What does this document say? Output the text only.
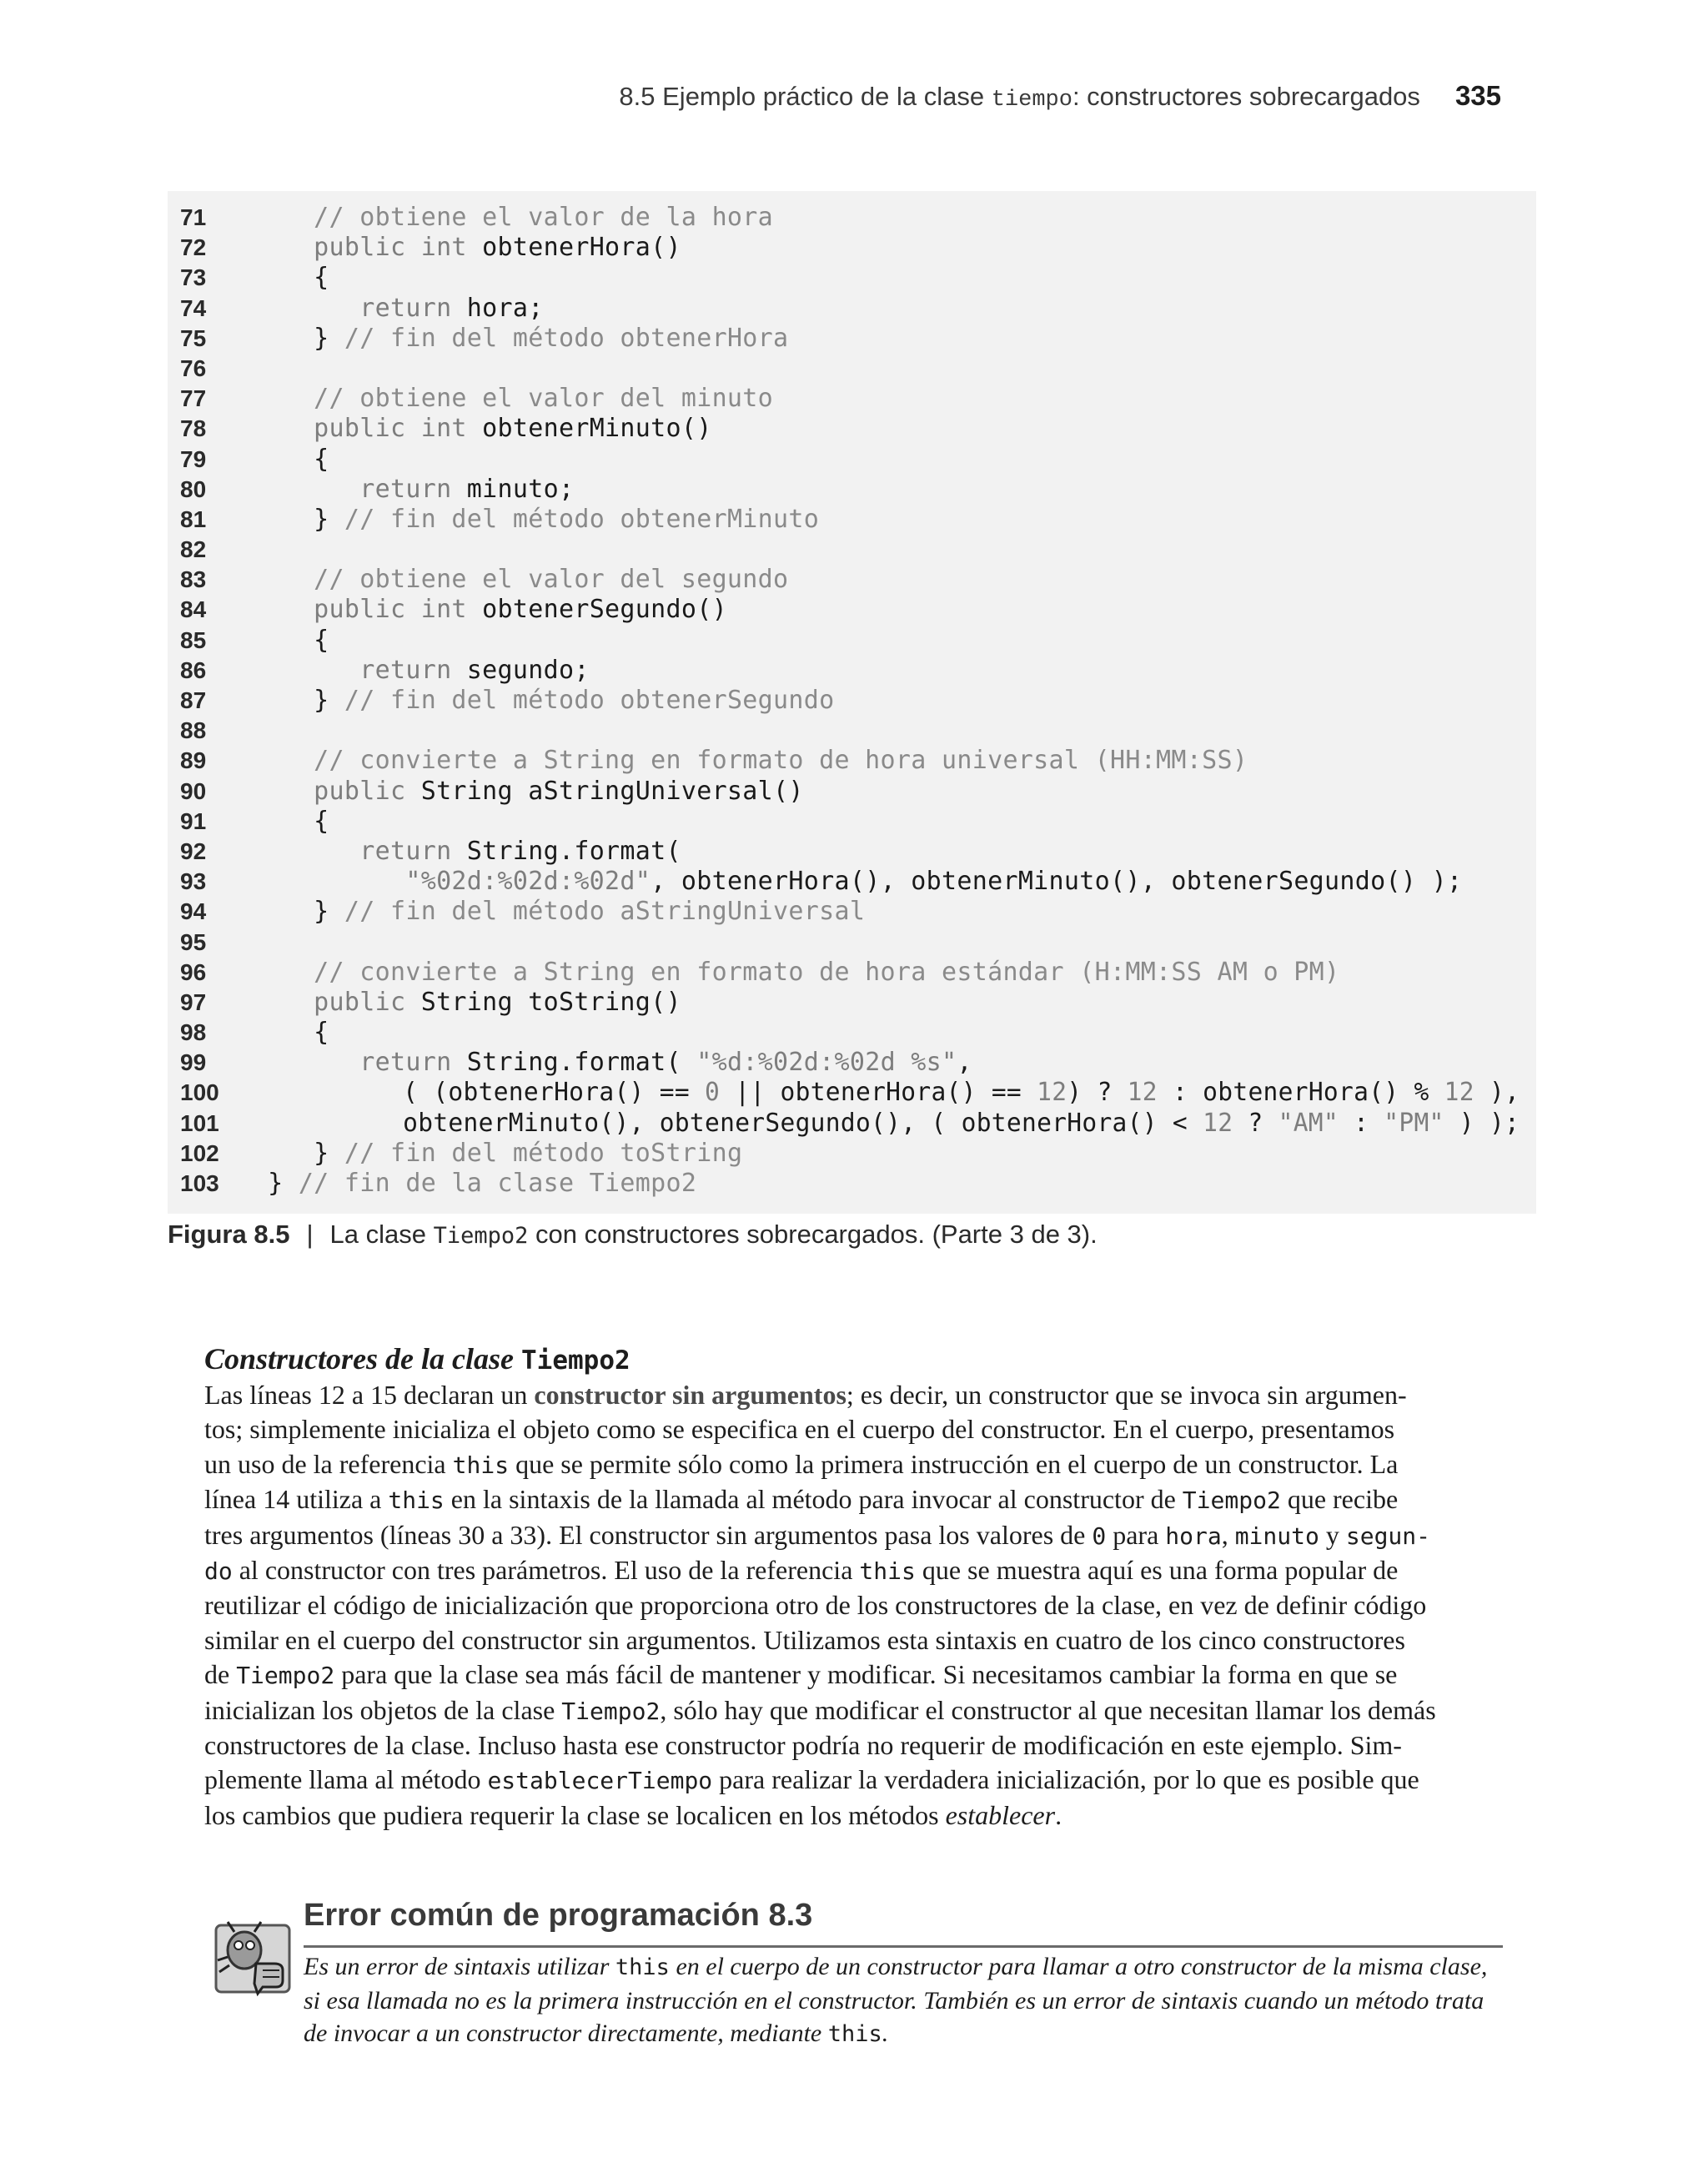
8.5 Ejemplo práctico de la clase tiempo: constructores sobrecargados 335
71	// obtiene el valor de la hora
72	public int obtenerHora()
73 {
74	return hora;
75 } // fin del método obtenerHora
76
77	// obtiene el valor del minuto
78	public int obtenerMinuto()
79 {
80	return minuto;
81 } // fin del método obtenerMinuto
82
83	// obtiene el valor del segundo
84	public int obtenerSegundo()
85 {
86	return segundo;
87 } // fin del método obtenerSegundo
88
89	// convierte a String en formato de hora universal (HH:MM:SS)
90	public String aStringUniversal()
91 {
92	return String.format(
93	"%02d:%02d:%02d", obtenerHora(), obtenerMinuto(), obtenerSegundo() );
94 } // fin del método aStringUniversal
95
96	// convierte a String en formato de hora estándar (H:MM:SS AM o PM)
97	public String toString()
98 {
99	return String.format( "%d:%02d:%02d %s",
100 ( (obtenerHora() == 0 || obtenerHora() == 12) ? 12 : obtenerHora() % 12 ),
101 obtenerMinuto(), obtenerSegundo(), ( obtenerHora() < 12 ? "AM" : "PM" ) );
102 } // fin del método toString
103 } // fin de la clase Tiempo2
Figura 8.5 | La clase Tiempo2 con constructores sobrecargados. (Parte 3 de 3).
Constructores de la clase Tiempo2
Las líneas 12 a 15 declaran un constructor sin argumentos; es decir, un constructor que se invoca sin argumen-
tos; simplemente inicializa el objeto como se especifica en el cuerpo del constructor. En el cuerpo, presentamos
un uso de la referencia this que se permite sólo como la primera instrucción en el cuerpo de un constructor. La
línea 14 utiliza a this en la sintaxis de la llamada al método para invocar al constructor de Tiempo2 que recibe
tres argumentos (líneas 30 a 33). El constructor sin argumentos pasa los valores de 0 para hora, minuto y segun-
do al constructor con tres parámetros. El uso de la referencia this que se muestra aquí es una forma popular de
reutilizar el código de inicialización que proporciona otro de los constructores de la clase, en vez de definir código
similar en el cuerpo del constructor sin argumentos. Utilizamos esta sintaxis en cuatro de los cinco constructores
de Tiempo2 para que la clase sea más fácil de mantener y modificar. Si necesitamos cambiar la forma en que se
inicializan los objetos de la clase Tiempo2, sólo hay que modificar el constructor al que necesitan llamar los demás
constructores de la clase. Incluso hasta ese constructor podría no requerir de modificación en este ejemplo. Sim-
plemente llama al método establecerTiempo para realizar la verdadera inicialización, por lo que es posible que
los cambios que pudiera requerir la clase se localicen en los métodos establecer.
Error común de programación 8.3
Es un error de sintaxis utilizar this en el cuerpo de un constructor para llamar a otro constructor de la misma clase,
si esa llamada no es la primera instrucción en el constructor. También es un error de sintaxis cuando un método trata
de invocar a un constructor directamente, mediante this.
